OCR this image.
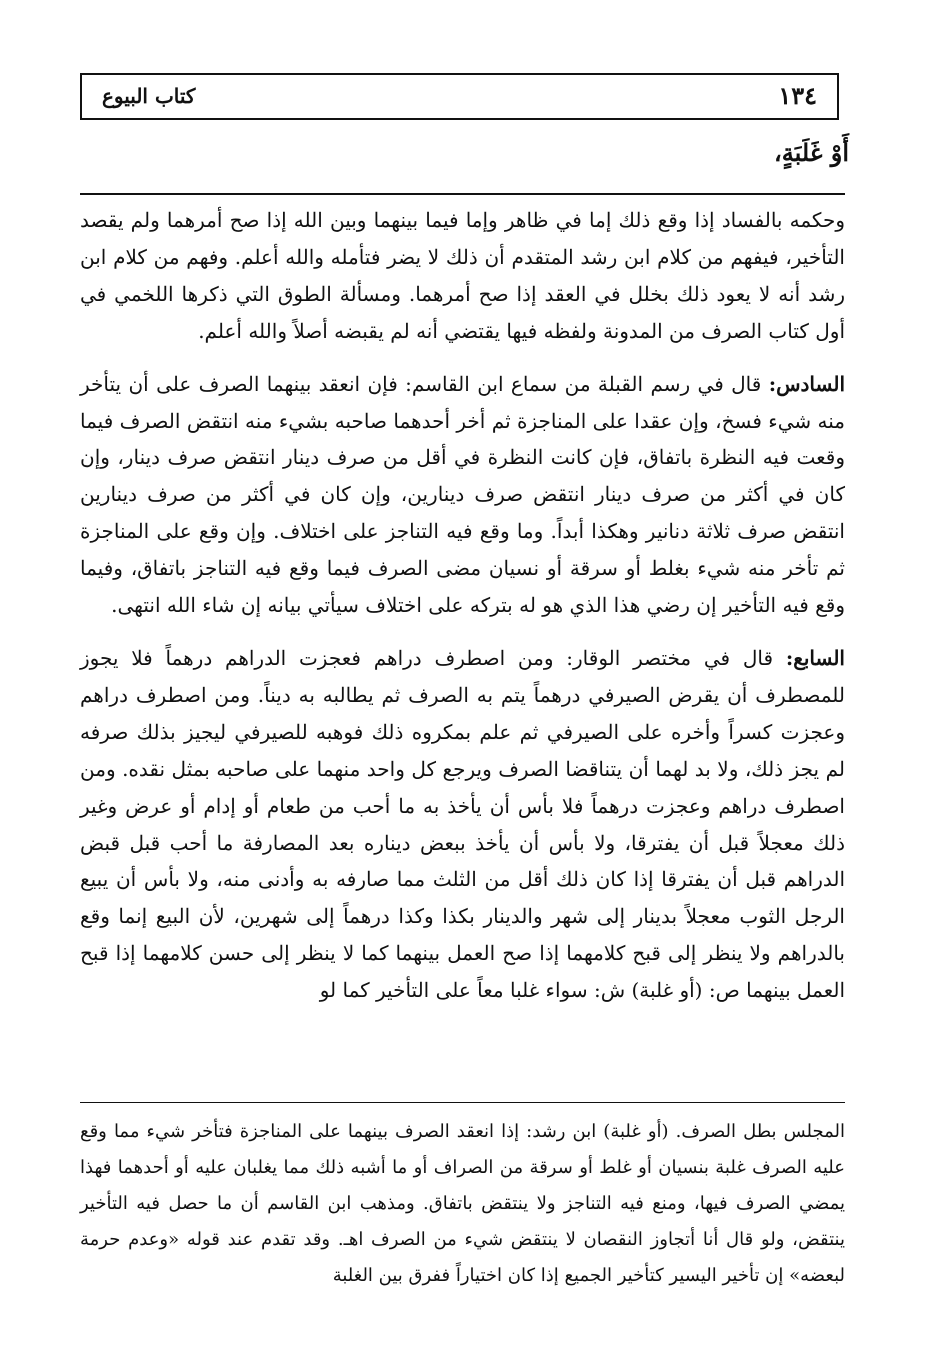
١٣٤
كتاب البيوع
أَوْ غَلَبَةٍ،

وحكمه بالفساد إذا وقع ذلك إما في ظاهر وإما فيما بينهما وبين الله إذا صح أمرهما ولم يقصد التأخير، فيفهم من كلام ابن رشد المتقدم أن ذلك لا يضر فتأمله والله أعلم. وفهم من كلام ابن رشد أنه لا يعود ذلك بخلل في العقد إذا صح أمرهما. ومسألة الطوق التي ذكرها اللخمي في أول كتاب الصرف من المدونة ولفظه فيها يقتضي أنه لم يقبضه أصلاً والله أعلم.

السادس: قال في رسم القبلة من سماع ابن القاسم: فإن انعقد بينهما الصرف على أن يتأخر منه شيء فسخ، وإن عقدا على المناجزة ثم أخر أحدهما صاحبه بشيء منه انتقض الصرف فيما وقعت فيه النظرة باتفاق، فإن كانت النظرة في أقل من صرف دينار انتقض صرف دينار، وإن كان في أكثر من صرف دينار انتقض صرف دينارين، وإن كان في أكثر من صرف دينارين انتقض صرف ثلاثة دنانير وهكذا أبداً. وما وقع فيه التناجز على اختلاف. وإن وقع على المناجزة ثم تأخر منه شيء بغلط أو سرقة أو نسيان مضى الصرف فيما وقع فيه التناجز باتفاق، وفيما وقع فيه التأخير إن رضي هذا الذي هو له بتركه على اختلاف سيأتي بيانه إن شاء الله انتهى.

السابع: قال في مختصر الوقار: ومن اصطرف دراهم فعجزت الدراهم درهماً فلا يجوز للمصطرف أن يقرض الصيرفي درهماً يتم به الصرف ثم يطالبه به ديناً. ومن اصطرف دراهم وعجزت كسراً وأخره على الصيرفي ثم علم بمكروه ذلك فوهبه للصيرفي ليجيز بذلك صرفه لم يجز ذلك، ولا بد لهما أن يتناقضا الصرف ويرجع كل واحد منهما على صاحبه بمثل نقده. ومن اصطرف دراهم وعجزت درهماً فلا بأس أن يأخذ به ما أحب من طعام أو إدام أو عرض وغير ذلك معجلاً قبل أن يفترقا، ولا بأس أن يأخذ ببعض ديناره بعد المصارفة ما أحب قبل قبض الدراهم قبل أن يفترقا إذا كان ذلك أقل من الثلث مما صارفه به وأدنى منه، ولا بأس أن يبيع الرجل الثوب معجلاً بدينار إلى شهر والدينار بكذا وكذا درهماً إلى شهرين، لأن البيع إنما وقع بالدراهم ولا ينظر إلى قبح كلامهما إذا صح العمل بينهما كما لا ينظر إلى حسن كلامهما إذا قبح العمل بينهما ص: (أو غلبة) ش: سواء غلبا معاً على التأخير كما لو

المجلس بطل الصرف. (أو غلبة) ابن رشد: إذا انعقد الصرف بينهما على المناجزة فتأخر شيء مما وقع عليه الصرف غلبة بنسيان أو غلط أو سرقة من الصراف أو ما أشبه ذلك مما يغلبان عليه أو أحدهما فهذا يمضي الصرف فيها، ومنع فيه التناجز ولا ينتقض باتفاق. ومذهب ابن القاسم أن ما حصل فيه التأخير ينتقض، ولو قال أنا أتجاوز النقصان لا ينتقض شيء من الصرف اهـ. وقد تقدم عند قوله «وعدم حرمة لبعضه» إن تأخير اليسير كتأخير الجميع إذا كان اختياراً ففرق بين الغلبة
